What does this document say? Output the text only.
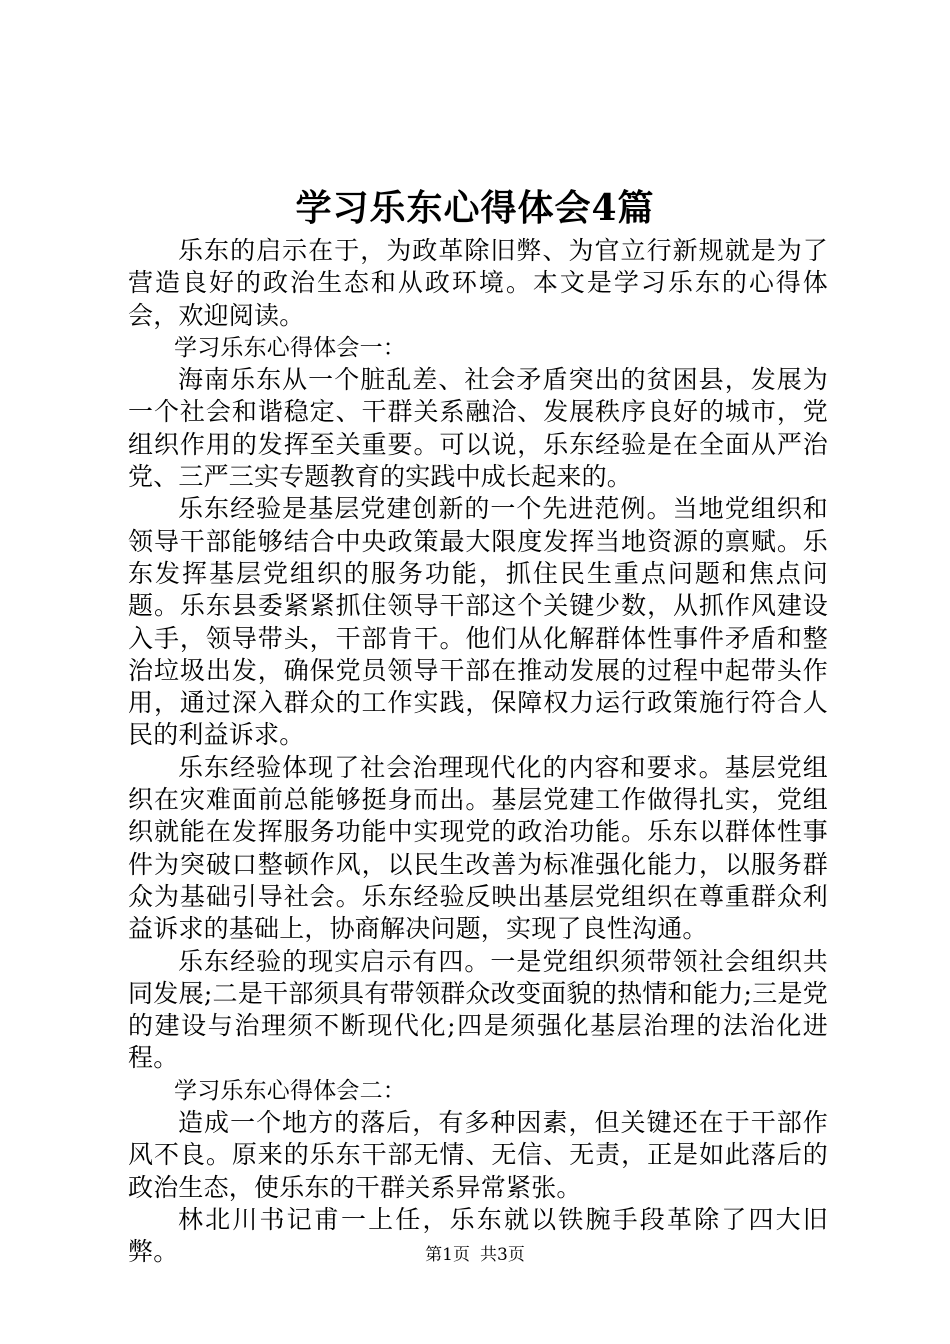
学习乐东心得体会4篇

乐东的启示在于，为政革除旧弊、为官立行新规就是为了营造良好的政治生态和从政环境。本文是学习乐东的心得体会，欢迎阅读。

学习乐东心得体会一：

海南乐东从一个脏乱差、社会矛盾突出的贫困县，发展为一个社会和谐稳定、干群关系融洽、发展秩序良好的城市，党组织作用的发挥至关重要。可以说，乐东经验是在全面从严治党、三严三实专题教育的实践中成长起来的。

乐东经验是基层党建创新的一个先进范例。当地党组织和领导干部能够结合中央政策最大限度发挥当地资源的禀赋。乐东发挥基层党组织的服务功能，抓住民生重点问题和焦点问题。乐东县委紧紧抓住领导干部这个关键少数，从抓作风建设入手，领导带头，干部肯干。他们从化解群体性事件矛盾和整治垃圾出发，确保党员领导干部在推动发展的过程中起带头作用，通过深入群众的工作实践，保障权力运行政策施行符合人民的利益诉求。

乐东经验体现了社会治理现代化的内容和要求。基层党组织在灾难面前总能够挺身而出。基层党建工作做得扎实，党组织就能在发挥服务功能中实现党的政治功能。乐东以群体性事件为突破口整顿作风，以民生改善为标准强化能力，以服务群众为基础引导社会。乐东经验反映出基层党组织在尊重群众利益诉求的基础上，协商解决问题，实现了良性沟通。

乐东经验的现实启示有四。一是党组织须带领社会组织共同发展;二是干部须具有带领群众改变面貌的热情和能力;三是党的建设与治理须不断现代化;四是须强化基层治理的法治化进程。

学习乐东心得体会二：

造成一个地方的落后，有多种因素，但关键还在于干部作风不良。原来的乐东干部无情、无信、无责，正是如此落后的政治生态，使乐东的干群关系异常紧张。

林北川书记甫一上任，乐东就以铁腕手段革除了四大旧弊。	第1页 共3页
